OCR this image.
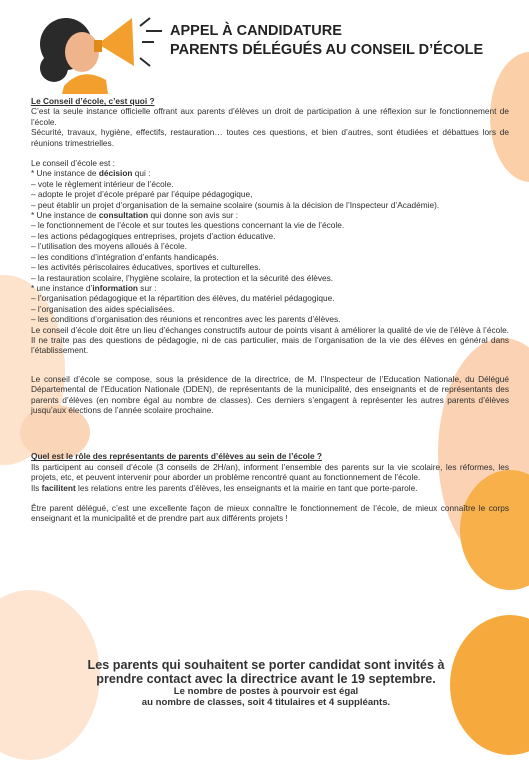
APPEL À CANDIDATURE
PARENTS DÉLÉGUÉS AU CONSEIL D’ÉCOLE

Le Conseil d’école, c’est quoi ?

C’est la seule instance officielle offrant aux parents d’élèves un droit de participation à une réflexion sur le fonctionnement de l’école.

Sécurité, travaux, hygiène, effectifs, restauration… toutes ces questions, et bien d’autres, sont étudiées et débattues lors de réunions trimestrielles.

Le conseil d’école est :

* Une instance de décision qui :

– vote le règlement intérieur de l’école.

– adopte le projet d’école préparé par l’équipe pédagogique,

– peut établir un projet d’organisation de la semaine scolaire (soumis à la décision de l’Inspecteur d’Académie).

* Une instance de consultation qui donne son avis sur :

– le fonctionnement de l’école et sur toutes les questions concernant la vie de l’école.

– les actions pédagogiques entreprises, projets d’action éducative.

– l’utilisation des moyens alloués à l’école.

– les conditions d’intégration d’enfants handicapés.

– les activités périscolaires éducatives, sportives et culturelles.

– la restauration scolaire, l’hygiène scolaire, la protection et la sécurité des élèves.

* une instance d’information sur :

– l’organisation pédagogique et la répartition des élèves, du matériel pédagogique.

– l’organisation des aides spécialisées.

– les conditions d’organisation des réunions et rencontres avec les parents d’élèves.

Le conseil d’école doit être un lieu d’échanges constructifs autour de points visant à améliorer la qualité de vie de l’élève à l’école. Il ne traite pas des questions de pédagogie, ni de cas particulier, mais de l’organisation de la vie des élèves en général dans l’établissement.

Le conseil d’école se compose, sous la présidence de la directrice, de M. l’Inspecteur de l’Education Nationale, du Délégué Départemental de l’Education Nationale (DDEN), de représentants de la municipalité, des enseignants et de représentants des parents d’élèves (en nombre égal au nombre de classes). Ces derniers s’engagent à représenter les autres parents d’élèves jusqu’aux élections de l’année scolaire prochaine.

Quel est le rôle des représentants de parents d’élèves au sein de l’école ?

Ils participent au conseil d’école (3 conseils de 2H/an), informent l’ensemble des parents sur la vie scolaire, les réformes, les projets, etc, et peuvent intervenir pour aborder un problème rencontré quant au fonctionnement de l’école.

Ils facilitent les relations entre les parents d’élèves, les enseignants et la mairie en tant que porte-parole.

Être parent délégué, c’est une excellente façon de mieux connaître le fonctionnement de l’école, de mieux connaître le corps enseignant et la municipalité et de prendre part aux différents projets !

Les parents qui souhaitent se porter candidat sont invités à
prendre contact avec la directrice avant le 19 septembre.
Le nombre de postes à pourvoir est égal
au nombre de classes, soit 4 titulaires et 4 suppléants.
